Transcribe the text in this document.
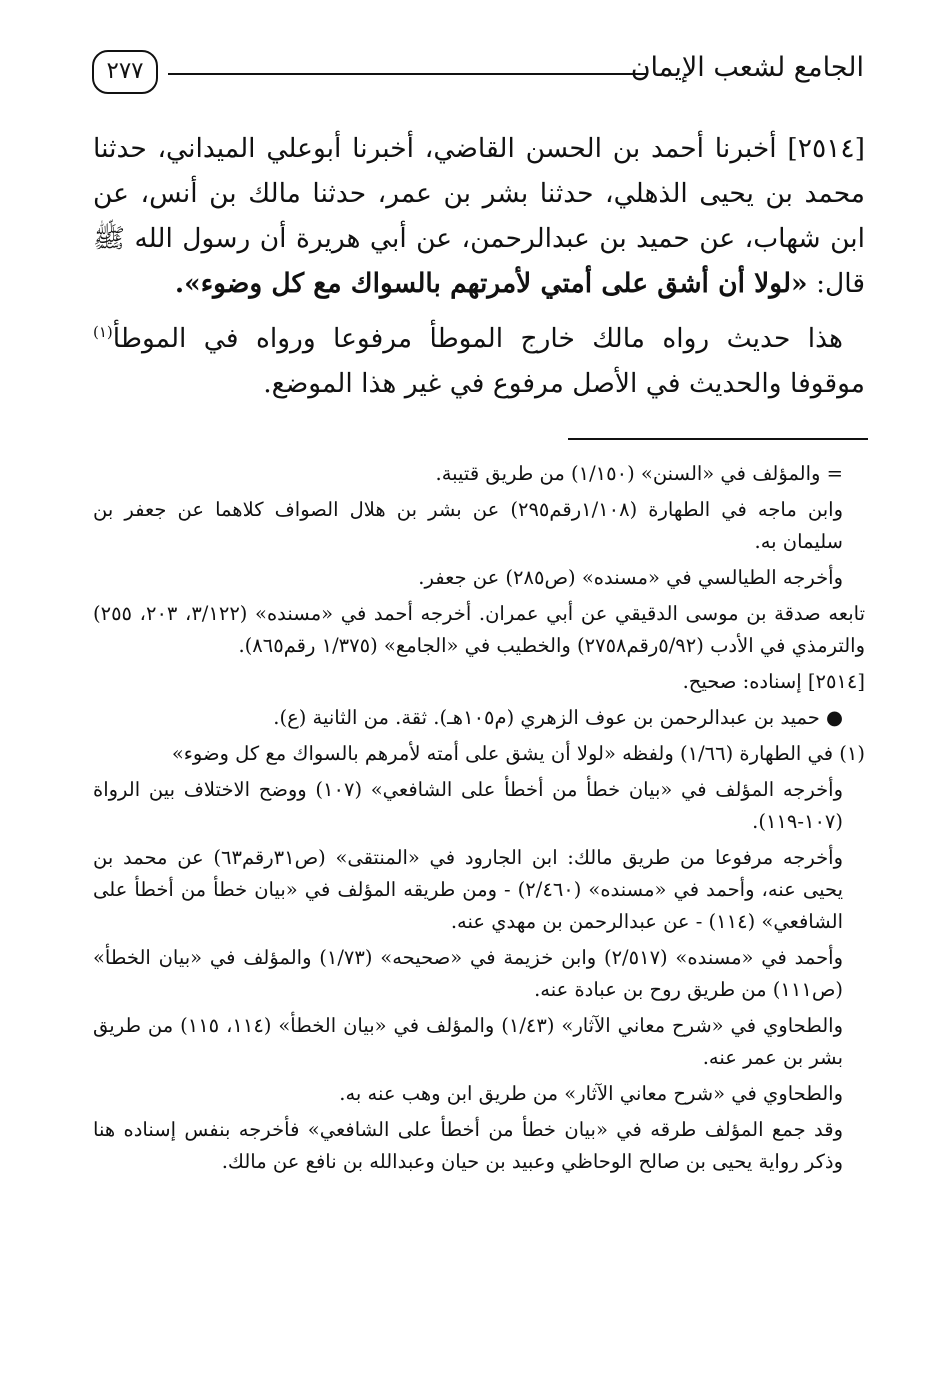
الجامع لشعب الإيمان
٢٧٧

[٢٥١٤] أخبرنا أحمد بن الحسن القاضي، أخبرنا أبوعلي الميداني، حدثنا محمد بن يحيى الذهلي، حدثنا بشر بن عمر، حدثنا مالك بن أنس، عن ابن شهاب، عن حميد بن عبدالرحمن، عن أبي هريرة أن رسول الله ﷺ قال: «لولا أن أشق على أمتي لأمرتهم بالسواك مع كل وضوء».

هذا حديث رواه مالك خارج الموطأ مرفوعا ورواه في الموطأ$^{(١)}$ موقوفا والحديث في الأصل مرفوع في غير هذا الموضع.

= والمؤلف في «السنن» (١/١٥٠) من طريق قتيبة.

وابن ماجه في الطهارة (١/١٠٨رقم٢٩٥) عن بشر بن هلال الصواف كلاهما عن جعفر بن سليمان به.

وأخرجه الطيالسي في «مسنده» (ص٢٨٥) عن جعفر.

تابعه صدقة بن موسى الدقيقي عن أبي عمران. أخرجه أحمد في «مسنده» (٣/١٢٢، ٢٠٣، ٢٥٥) والترمذي في الأدب (٥/٩٢رقم٢٧٥٨) والخطيب في «الجامع» (١/٣٧٥ رقم٨٦٥).

[٢٥١٤] إسناده: صحيح.

● حميد بن عبدالرحمن بن عوف الزهري (م١٠٥هـ). ثقة. من الثانية (ع).

(١) في الطهارة (١/٦٦) ولفظه «لولا أن يشق على أمته لأمرهم بالسواك مع كل وضوء»

وأخرجه المؤلف في «بيان خطأ من أخطأ على الشافعي» (١٠٧) ووضح الاختلاف بين الرواة (١٠٧-١١٩).

وأخرجه مرفوعا من طريق مالك: ابن الجارود في «المنتقى» (ص٣١رقم٦٣) عن محمد بن يحيى عنه، وأحمد في «مسنده» (٢/٤٦٠) - ومن طريقه المؤلف في «بيان خطأ من أخطأ على الشافعي» (١١٤) - عن عبدالرحمن بن مهدي عنه.

وأحمد في «مسنده» (٢/٥١٧) وابن خزيمة في «صحيحه» (١/٧٣) والمؤلف في «بيان الخطأ» (ص١١١) من طريق روح بن عبادة عنه.

والطحاوي في «شرح معاني الآثار» (١/٤٣) والمؤلف في «بيان الخطأ» (١١٤، ١١٥) من طريق بشر بن عمر عنه.

والطحاوي في «شرح معاني الآثار» من طريق ابن وهب عنه به.

وقد جمع المؤلف طرقه في «بيان خطأ من أخطأ على الشافعي» فأخرجه بنفس إسناده هنا وذكر رواية يحيى بن صالح الوحاظي وعبيد بن حيان وعبدالله بن نافع عن مالك.
